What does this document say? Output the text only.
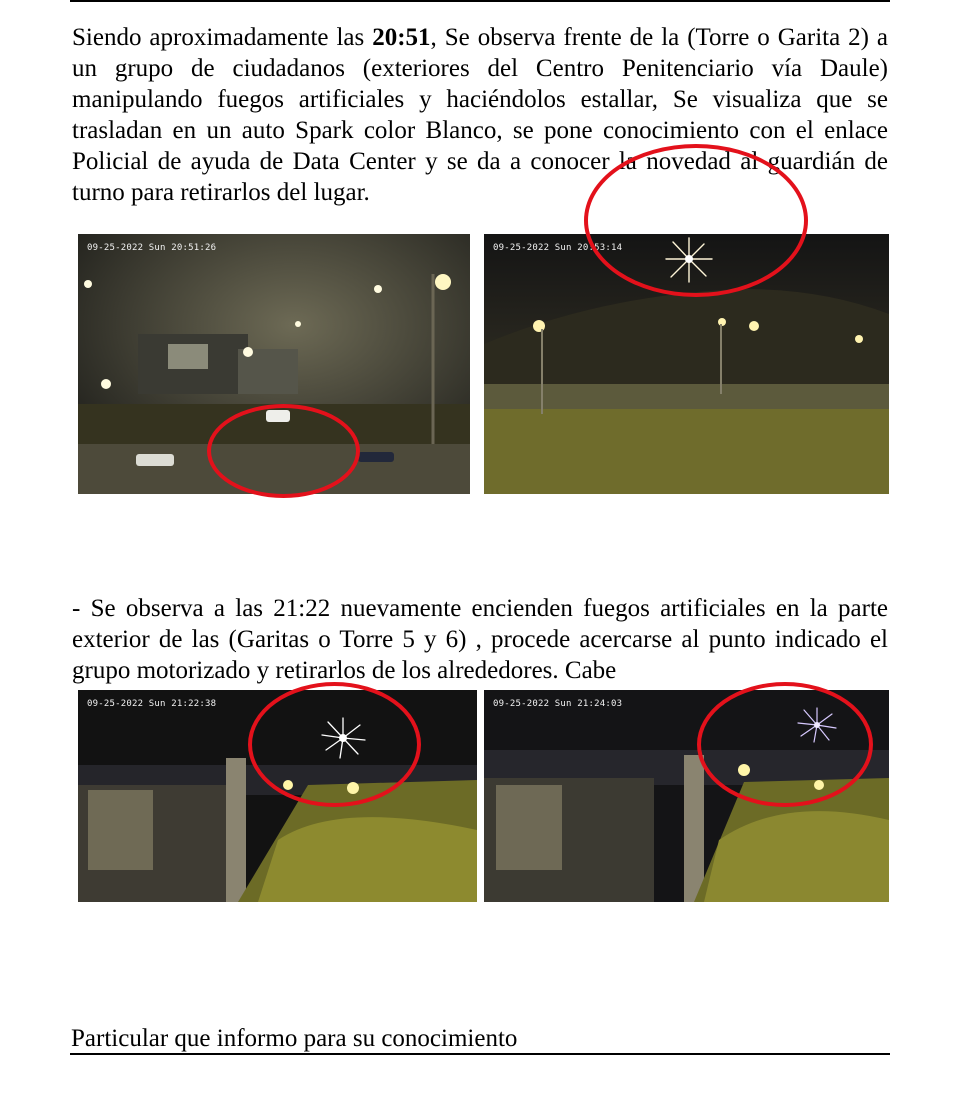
Siendo aproximadamente las 20:51, Se observa frente de la (Torre o Garita 2) a un grupo de ciudadanos (exteriores del Centro Penitenciario vía Daule) manipulando fuegos artificiales y haciéndolos estallar, Se visualiza que se trasladan en un auto Spark color Blanco, se pone conocimiento con el enlace Policial de ayuda de Data Center y se da a conocer la novedad al guardián de turno para retirarlos del lugar.
09-25-2022 Sun 20:51:26	09-25-2022 Sun 20:53:14
- Se observa a las 21:22 nuevamente encienden fuegos artificiales en la parte exterior de las (Garitas o Torre 5 y 6) , procede acercarse al punto indicado el grupo motorizado y retirarlos de los alrededores. Cabe
09-25-2022 Sun 21:22:38	09-25-2022 Sun 21:24:03
Particular que informo para su conocimiento
